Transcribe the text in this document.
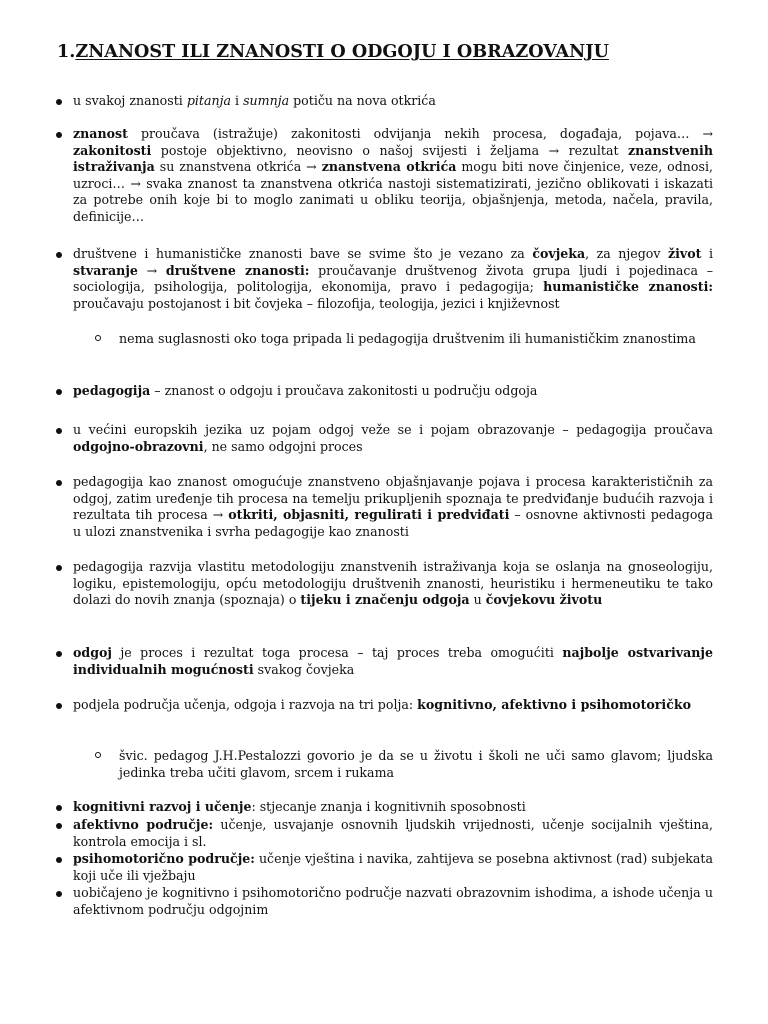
1.ZNANOST ILI ZNANOSTI O ODGOJU I OBRAZOVANJU
u svakoj znanosti pitanja i sumnja potiču na nova otkrića
znanost proučava (istražuje) zakonitosti odvijanja nekih procesa, događaja, pojava… → zakonitosti postoje objektivno, neovisno o našoj svijesti i željama → rezultat znanstvenih istraživanja su znanstvena otkrića → znanstvena otkrića mogu biti nove činjenice, veze, odnosi, uzroci… → svaka znanost ta znanstvena otkrića nastoji sistematizirati, jezično oblikovati i iskazati za potrebe onih koje bi to moglo zanimati u obliku teorija, objašnjenja, metoda, načela, pravila, definicije…
društvene i humanističke znanosti bave se svime što je vezano za čovjeka, za njegov život i stvaranje → društvene znanosti: proučavanje društvenog života grupa ljudi i pojedinaca – sociologija, psihologija, politologija, ekonomija, pravo i pedagogija; humanističke znanosti: proučavaju postojanost i bit čovjeka – filozofija, teologija, jezici i književnost
nema suglasnosti oko toga pripada li pedagogija društvenim ili humanističkim znanostima
pedagogija – znanost o odgoju i proučava zakonitosti u području odgoja
u većini europskih jezika uz pojam odgoj veže se i pojam obrazovanje – pedagogija proučava odgojno-obrazovni, ne samo odgojni proces
pedagogija kao znanost omogućuje znanstveno objašnjavanje pojava i procesa karakterističnih za odgoj, zatim uređenje tih procesa na temelju prikupljenih spoznaja te predviđanje budućih razvoja i rezultata tih procesa → otkriti, objasniti, regulirati i predviđati – osnovne aktivnosti pedagoga u ulozi znanstvenika i svrha pedagogije kao znanosti
pedagogija razvija vlastitu metodologiju znanstvenih istraživanja koja se oslanja na gnoseologiju, logiku, epistemologiju, opću metodologiju društvenih znanosti, heuristiku i hermeneutiku te tako dolazi do novih znanja (spoznaja) o tijeku i značenju odgoja u čovjekovu životu
odgoj je proces i rezultat toga procesa – taj proces treba omogućiti najbolje ostvarivanje individualnih mogućnosti svakog čovjeka
podjela područja učenja, odgoja i razvoja na tri polja: kognitivno, afektivno i psihomotoričko
švic. pedagog J.H.Pestalozzi govorio je da se u životu i školi ne uči samo glavom; ljudska jedinka treba učiti glavom, srcem i rukama
kognitivni razvoj i učenje: stjecanje znanja i kognitivnih sposobnosti
afektivno područje: učenje, usvajanje osnovnih ljudskih vrijednosti, učenje socijalnih vještina, kontrola emocija i sl.
psihomotorično područje: učenje vještina i navika, zahtijeva se posebna aktivnost (rad) subjekata koji uče ili vježbaju
uobičajeno je kognitivno i psihomotorično područje nazvati obrazovnim ishodima, a ishode učenja u afektivnom području odgojnim
